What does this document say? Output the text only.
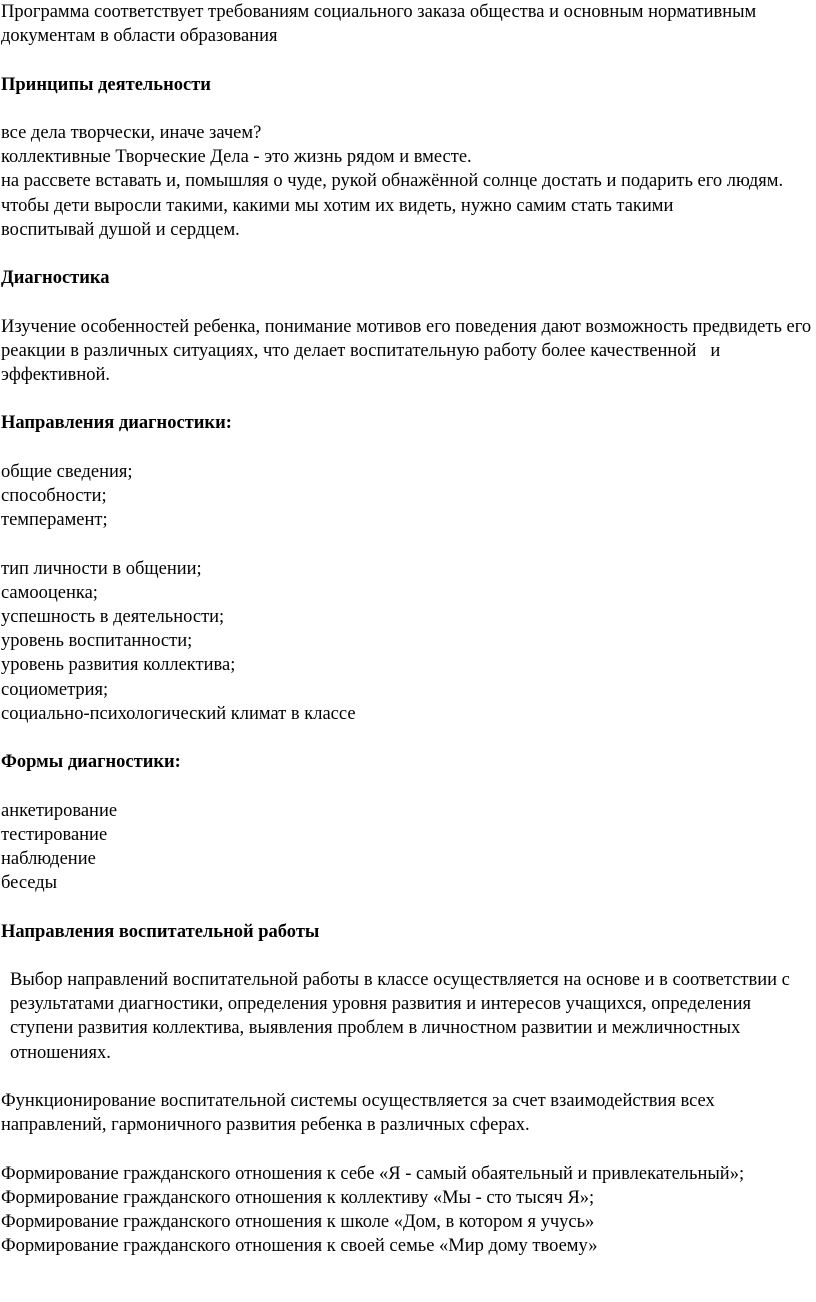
Программа соответствует требованиям социального заказа общества и основным нормативным документам в области образования

Принципы деятельности

все дела творчески, иначе зачем?
коллективные Творческие Дела - это жизнь рядом и вместе.
на рассвете вставать и, помышляя о чуде, рукой обнажённой солнце достать и подарить его людям.
чтобы дети выросли такими, какими мы хотим их видеть, нужно самим стать такими
воспитывай душой и сердцем.

Диагностика

Изучение особенностей ребенка, понимание мотивов его поведения дают возможность предвидеть его реакции в различных ситуациях, что делает воспитательную работу более качественной   и эффективной.

Направления диагностики:

общие сведения;
способности;
темперамент;
тип личности в общении;
самооценка;
успешность в деятельности;
уровень воспитанности;
уровень развития коллектива;
социометрия;
социально-психологический климат в классе

Формы диагностики:

анкетирование
тестирование
наблюдение
беседы

Направления воспитательной работы

Выбор направлений воспитательной работы в классе осуществляется на основе и в соответствии с результатами диагностики, определения уровня развития и интересов учащихся, определения ступени развития коллектива, выявления проблем в личностном развитии и межличностных отношениях.

Функционирование воспитательной системы осуществляется за счет взаимодействия всех направлений, гармоничного развития ребенка в различных сферах.

Формирование гражданского отношения к себе «Я - самый обаятельный и привлекательный»;
Формирование гражданского отношения к коллективу «Мы - сто тысяч Я»;
Формирование гражданского отношения к школе «Дом, в котором я учусь»
Формирование гражданского отношения к своей семье «Мир дому твоему»
